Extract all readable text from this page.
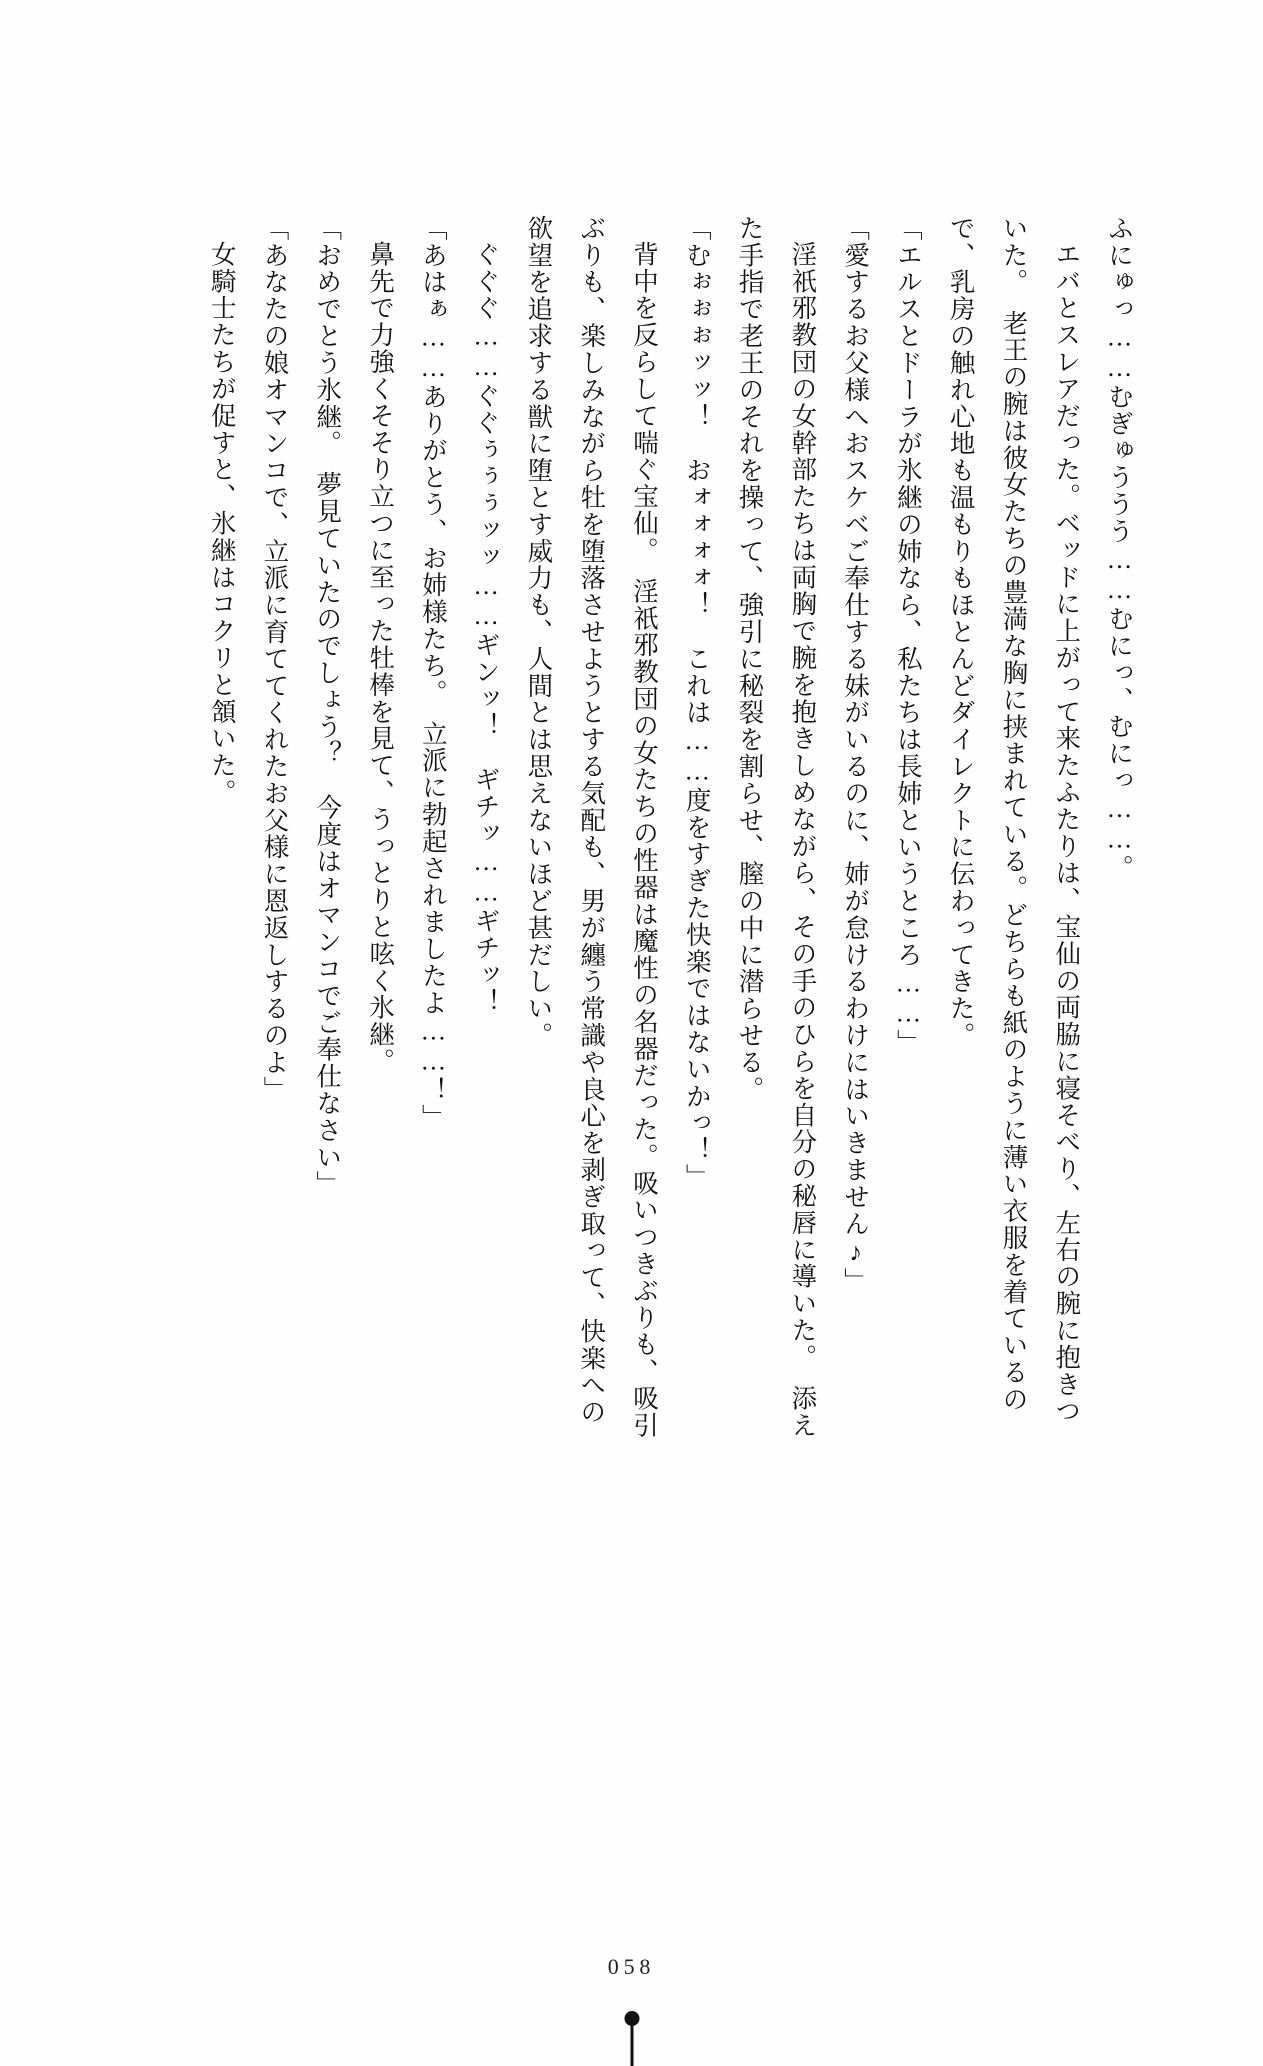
ふにゅっ……むぎゅううう……むにっ、むにっ……。

エバとスレアだった。ベッドに上がって来たふたりは、宝仙の両脇に寝そべり、左右の腕に抱きついた。　老王の腕は彼女たちの豊満な胸に挟まれている。どちらも紙のように薄い衣服を着ているので、乳房の触れ心地も温もりもほとんどダイレクトに伝わってきた。

「エルスとドーラが氷継の姉なら、私たちは長姉というところ……」

「愛するお父様へおスケベご奉仕する妹がいるのに、姉が怠けるわけにはいきません♪」

淫祇邪教団の女幹部たちは両胸で腕を抱きしめながら、その手のひらを自分の秘唇に導いた。　添えた手指で老王のそれを操って、強引に秘裂を割らせ、膣の中に潜らせる。

「むぉぉぉッッ！　おォォォォ！　これは……度をすぎた快楽ではないかっ！」

背中を反らして喘ぐ宝仙。　淫祇邪教団の女たちの性器は魔性の名器だった。吸いつきぶりも、吸引ぶりも、楽しみながら牡を堕落させようとする気配も、男が纏う常識や良心を剥ぎ取って、快楽への欲望を追求する獣に堕とす威力も、人間とは思えないほど甚だしい。

ぐぐぐ……ぐぐぅぅぅッッ……ギンッ！　ギチッ……ギチッ！

「あはぁ……ありがとう、お姉様たち。　立派に勃起されましたよ……！」

鼻先で力強くそそり立つに至った牡棒を見て、うっとりと呟く氷継。

「おめでとう氷継。　夢見ていたのでしょう？　今度はオマンコでご奉仕なさい」

「あなたの娘オマンコで、立派に育ててくれたお父様に恩返しするのよ」

女騎士たちが促すと、氷継はコクリと頷いた。

058
